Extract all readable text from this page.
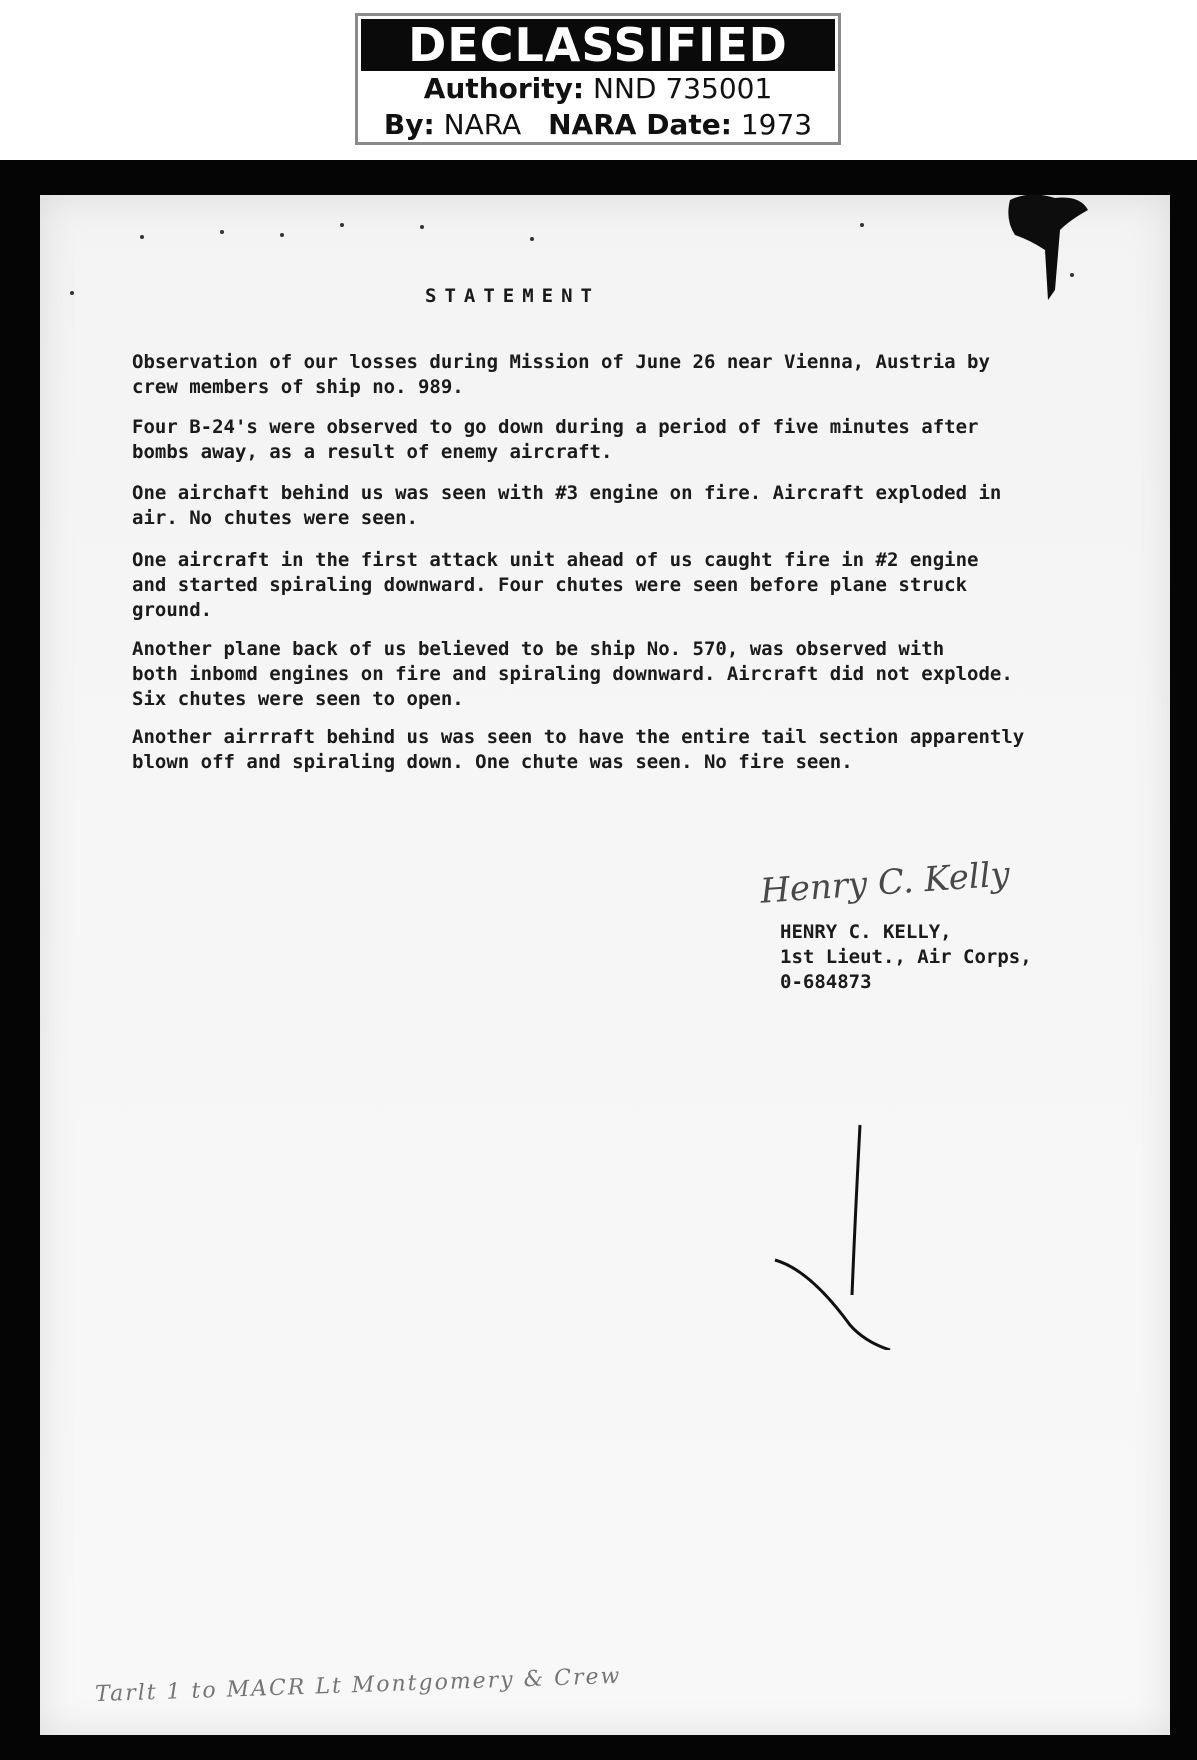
DECLASSIFIED
Authority: NND 735001
By: NARA NARA Date: 1973
STATEMENT

Observation of our losses during Mission of June 26 near Vienna, Austria by
crew members of ship no. 989.

Four B-24's were observed to go down during a period of five minutes after
bombs away, as a result of enemy aircraft.

One airchaft behind us was seen with #3 engine on fire. Aircraft exploded in
air. No chutes were seen.

One aircraft in the first attack unit ahead of us caught fire in #2 engine
and started spiraling downward. Four chutes were seen before plane struck
ground.

Another plane back of us believed to be ship No. 570, was observed with
both inbomd engines on fire and spiraling downward. Aircraft did not explode.
Six chutes were seen to open.

Another airrraft behind us was seen to have the entire tail section apparently
blown off and spiraling down. One chute was seen. No fire seen.

Henry C. Kelly
HENRY C. KELLY,
1st Lieut., Air Corps,
0-684873
Tarlt 1 to MACR Lt Montgomery & Crew
